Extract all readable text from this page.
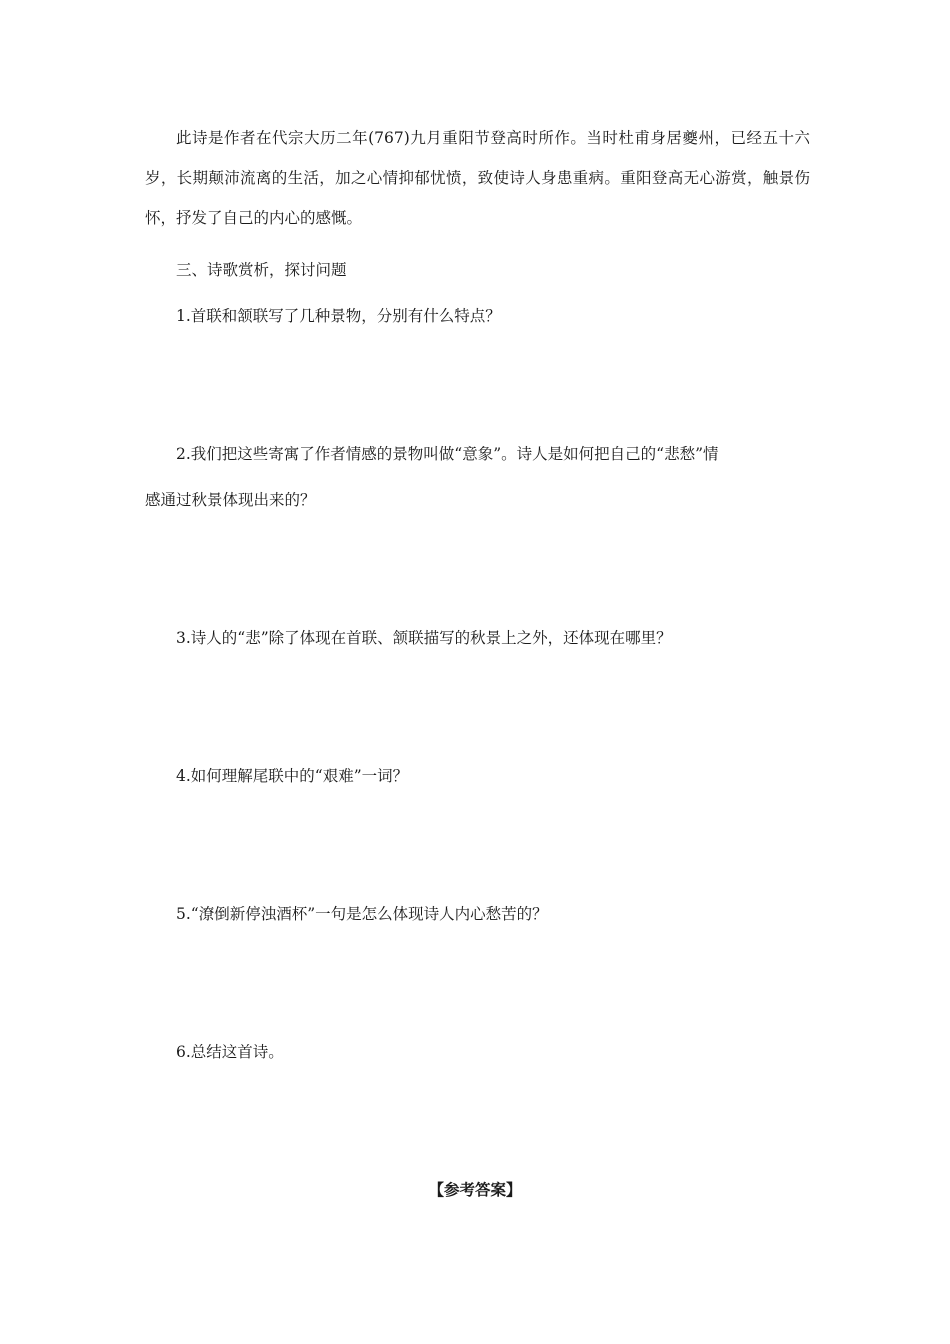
此诗是作者在代宗大历二年(767)九月重阳节登高时所作。当时杜甫身居夔州，已经五十六岁，长期颠沛流离的生活，加之心情抑郁忧愤，致使诗人身患重病。重阳登高无心游赏，触景伤怀，抒发了自己的内心的感慨。

三、诗歌赏析，探讨问题

1.首联和颔联写了几种景物，分别有什么特点？

2.我们把这些寄寓了作者情感的景物叫做“意象”。诗人是如何把自己的“悲愁”情

感通过秋景体现出来的？

3.诗人的“悲”除了体现在首联、颔联描写的秋景上之外，还体现在哪里？

4.如何理解尾联中的“艰难”一词？

5.“潦倒新停浊酒杯”一句是怎么体现诗人内心愁苦的？

6.总结这首诗。

【参考答案】
